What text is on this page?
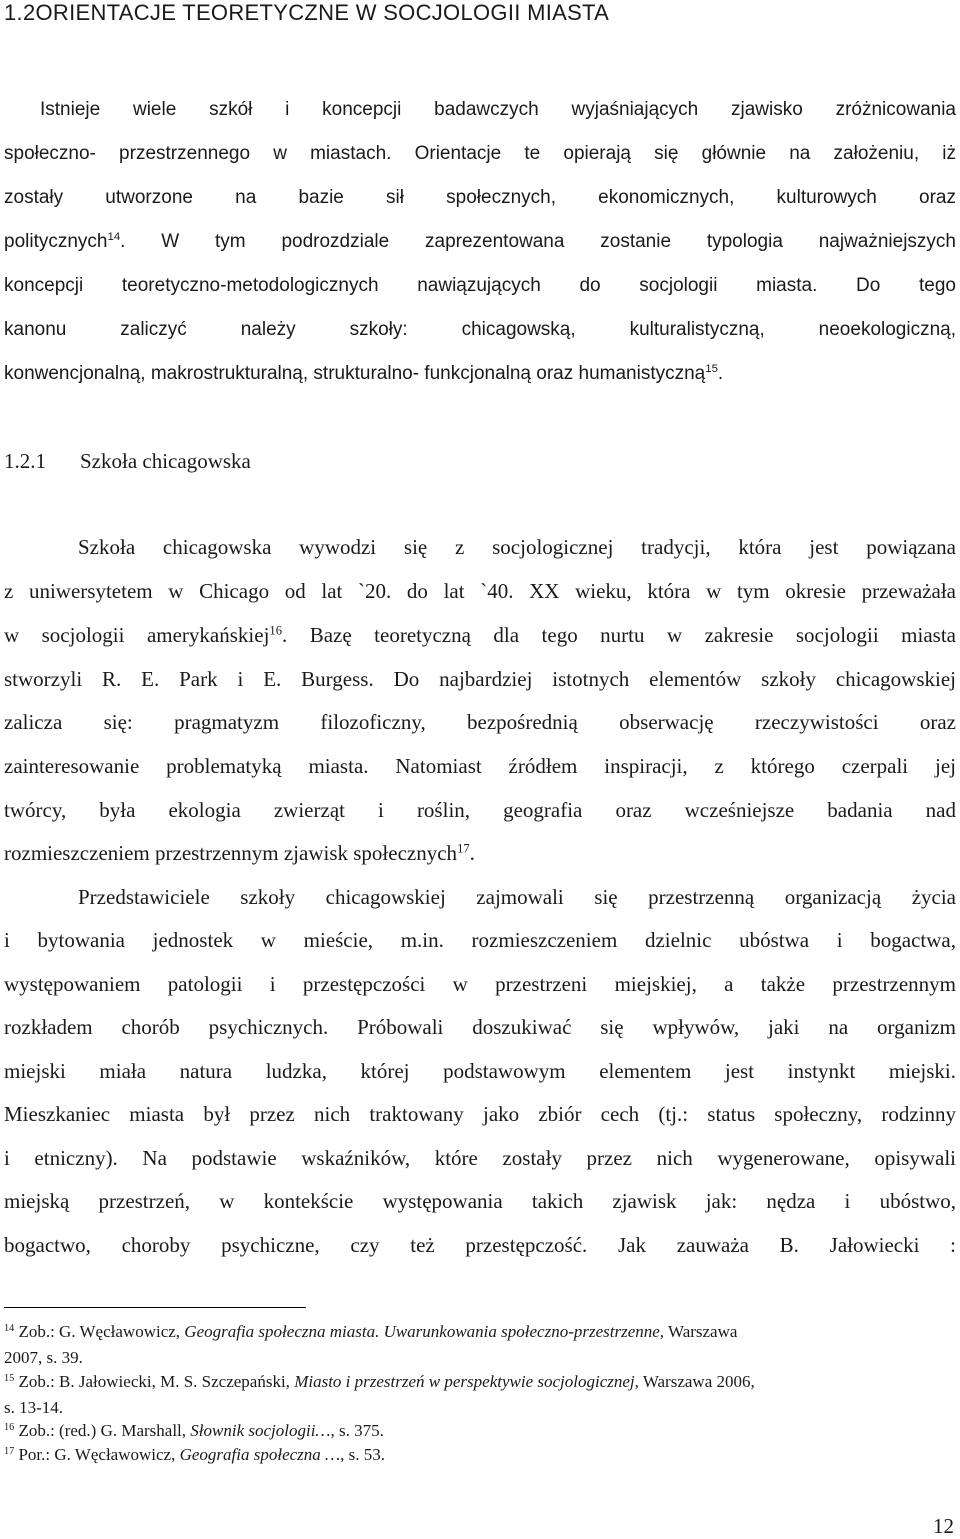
1.2ORIENTACJE TEORETYCZNE W SOCJOLOGII MIASTA
Istnieje wiele szkół i koncepcji badawczych wyjaśniających zjawisko zróżnicowania
społeczno- przestrzennego w miastach. Orientacje te opierają się głównie na założeniu, iż
zostały utworzone na bazie sił społecznych, ekonomicznych, kulturowych oraz
politycznych$^{14}$. W tym podrozdziale zaprezentowana zostanie typologia najważniejszych
koncepcji teoretyczno-metodologicznych nawiązujących do socjologii miasta. Do tego
kanonu zaliczyć należy szkoły: chicagowską, kulturalistyczną, neoekologiczną,
konwencjonalną, makrostrukturalną, strukturalno- funkcjonalną oraz humanistyczną$^{15}$.
1.2.1 Szkoła chicagowska
Szkoła chicagowska wywodzi się z socjologicznej tradycji, która jest powiązana
z uniwersytetem w Chicago od lat `20. do lat `40. XX wieku, która w tym okresie przeważała
w socjologii amerykańskiej$^{16}$. Bazę teoretyczną dla tego nurtu w zakresie socjologii miasta
stworzyli R. E. Park i E. Burgess. Do najbardziej istotnych elementów szkoły chicagowskiej
zalicza się: pragmatyzm filozoficzny, bezpośrednią obserwację rzeczywistości oraz
zainteresowanie problematyką miasta. Natomiast źródłem inspiracji, z którego czerpali jej
twórcy, była ekologia zwierząt i roślin, geografia oraz wcześniejsze badania nad
rozmieszczeniem przestrzennym zjawisk społecznych$^{17}$.
Przedstawiciele szkoły chicagowskiej zajmowali się przestrzenną organizacją życia
i bytowania jednostek w mieście, m.in. rozmieszczeniem dzielnic ubóstwa i bogactwa,
występowaniem patologii i przestępczości w przestrzeni miejskiej, a także przestrzennym
rozkładem chorób psychicznych. Próbowali doszukiwać się wpływów, jaki na organizm
miejski miała natura ludzka, której podstawowym elementem jest instynkt miejski.
Mieszkaniec miasta był przez nich traktowany jako zbiór cech (tj.: status społeczny, rodzinny
i etniczny). Na podstawie wskaźników, które zostały przez nich wygenerowane, opisywali
miejską przestrzeń, w kontekście występowania takich zjawisk jak: nędza i ubóstwo,
bogactwo, choroby psychiczne, czy też przestępczość. Jak zauważa B. Jałowiecki :
$^{14}$ Zob.: G. Węcławowicz, Geografia społeczna miasta. Uwarunkowania społeczno-przestrzenne, Warszawa
2007, s. 39.
$^{15}$ Zob.: B. Jałowiecki, M. S. Szczepański, Miasto i przestrzeń w perspektywie socjologicznej, Warszawa 2006,
s. 13-14.
$^{16}$ Zob.: (red.) G. Marshall, Słownik socjologii…, s. 375.
$^{17}$ Por.: G. Węcławowicz, Geografia społeczna …, s. 53.
12
